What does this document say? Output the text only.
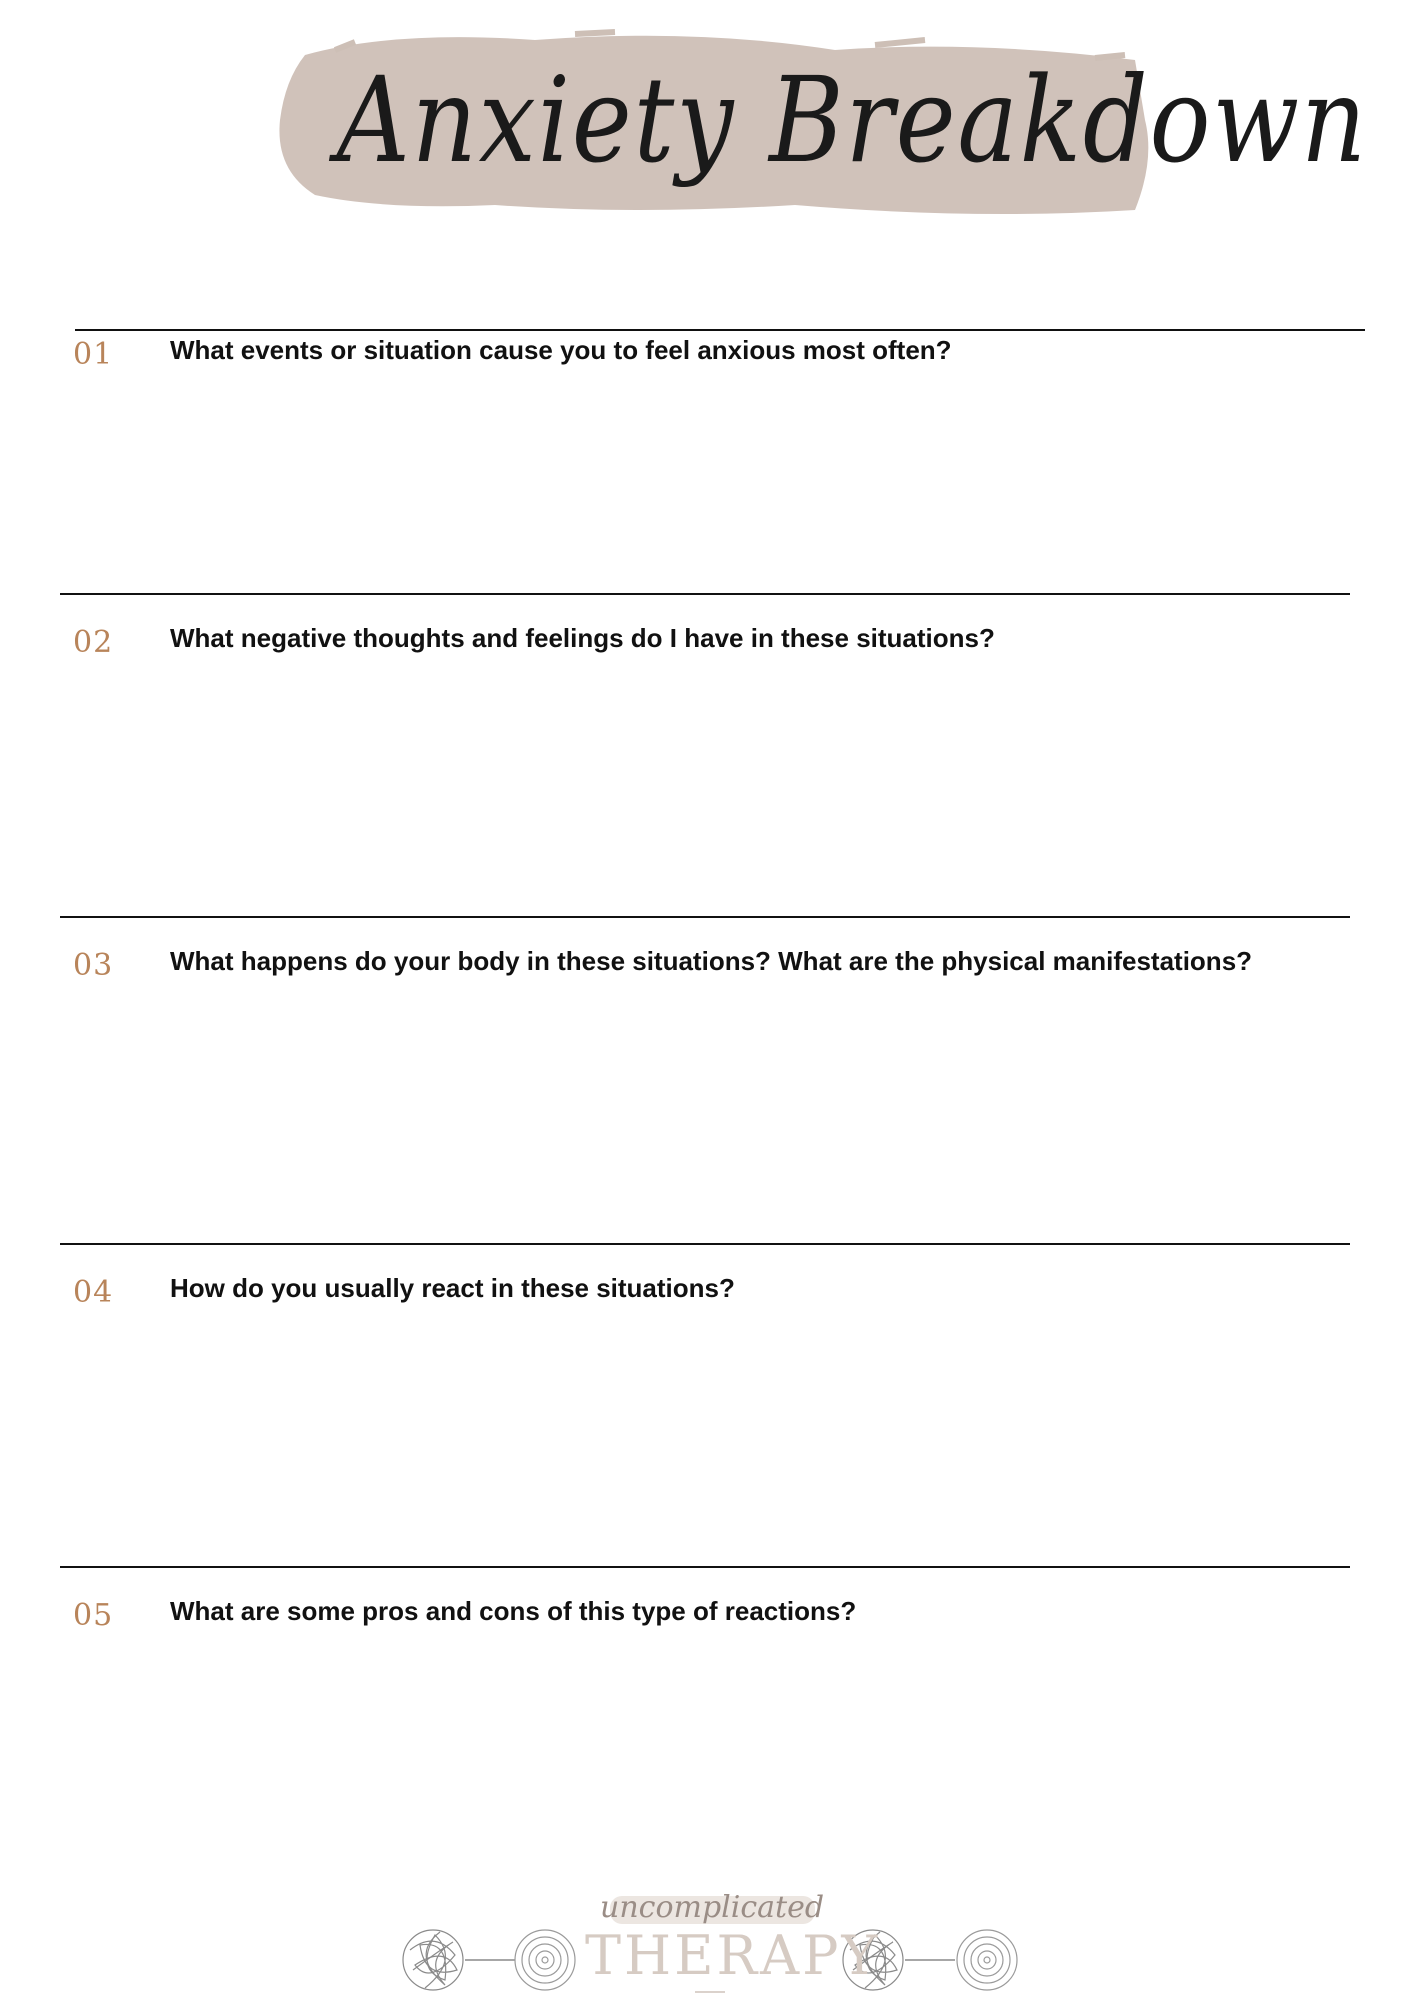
Anxiety Breakdown
01 What events or situation cause you to feel anxious most often?
02 What negative thoughts and feelings do I have in these situations?
03 What happens do your body in these situations? What are the physical manifestations?
04 How do you usually react in these situations?
05 What are some pros and cons of this type of reactions?
uncomplicated
THERAPY
